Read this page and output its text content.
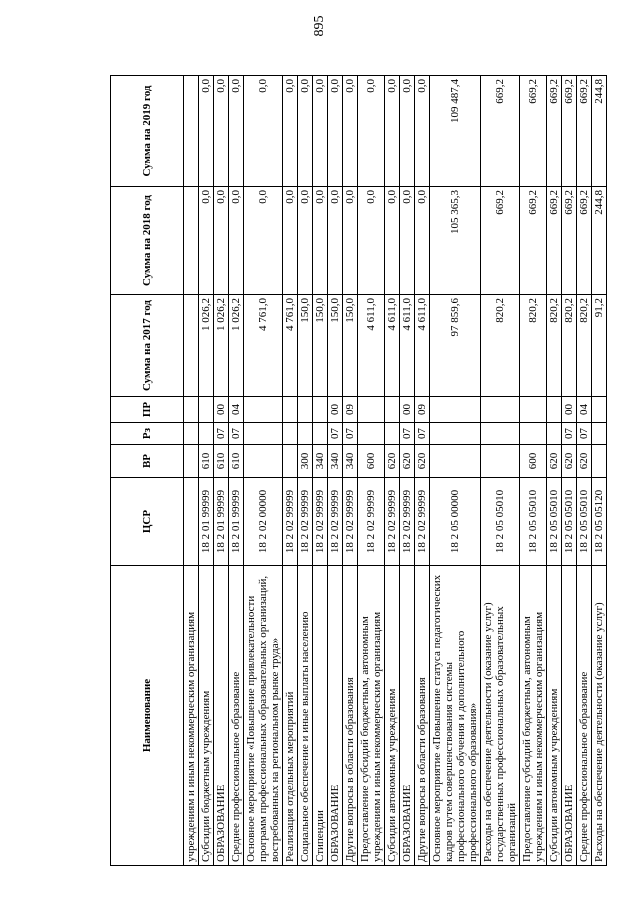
895
Наименование	ЦСР	ВР	Рз	ПР	Сумма на 2017 год	Сумма на 2018 год	Сумма на 2019 год
учреждениям и иным некоммерческим организациям							
Субсидии бюджетным учреждениям	18 2 01 99999	610			1 026,2	0,0	0,0
ОБРАЗОВАНИЕ	18 2 01 99999	610	07	00	1 026,2	0,0	0,0
Среднее профессиональное образование	18 2 01 99999	610	07	04	1 026,2	0,0	0,0
Основное мероприятие «Повышение привлекательности программ профессиональных образовательных организаций, востребованных на региональном рынке труда»	18 2 02 00000				4 761,0	0,0	0,0
Реализация отдельных мероприятий	18 2 02 99999				4 761,0	0,0	0,0
Социальное обеспечение и иные выплаты населению	18 2 02 99999	300			150,0	0,0	0,0
Стипендии	18 2 02 99999	340			150,0	0,0	0,0
ОБРАЗОВАНИЕ	18 2 02 99999	340	07	00	150,0	0,0	0,0
Другие вопросы в области образования	18 2 02 99999	340	07	09	150,0	0,0	0,0
Предоставление субсидий бюджетным, автономным учреждениям и иным некоммерческим организациям	18 2 02 99999	600			4 611,0	0,0	0,0
Субсидии автономным учреждениям	18 2 02 99999	620			4 611,0	0,0	0,0
ОБРАЗОВАНИЕ	18 2 02 99999	620	07	00	4 611,0	0,0	0,0
Другие вопросы в области образования	18 2 02 99999	620	07	09	4 611,0	0,0	0,0
Основное мероприятие «Повышение статуса педагогических кадров путем совершенствования системы профессионального обучения и дополнительного профессионального образования»	18 2 05 00000				97 859,6	105 365,3	109 487,4
Расходы на обеспечение деятельности (оказание услуг) государственных профессиональных образовательных организаций	18 2 05 05010				820,2	669,2	669,2
Предоставление субсидий бюджетным, автономным учреждениям и иным некоммерческим организациям	18 2 05 05010	600			820,2	669,2	669,2
Субсидии автономным учреждениям	18 2 05 05010	620			820,2	669,2	669,2
ОБРАЗОВАНИЕ	18 2 05 05010	620	07	00	820,2	669,2	669,2
Среднее профессиональное образование	18 2 05 05010	620	07	04	820,2	669,2	669,2
Расходы на обеспечение деятельности (оказание услуг)	18 2 05 05120				91,2	244,8	244,8
